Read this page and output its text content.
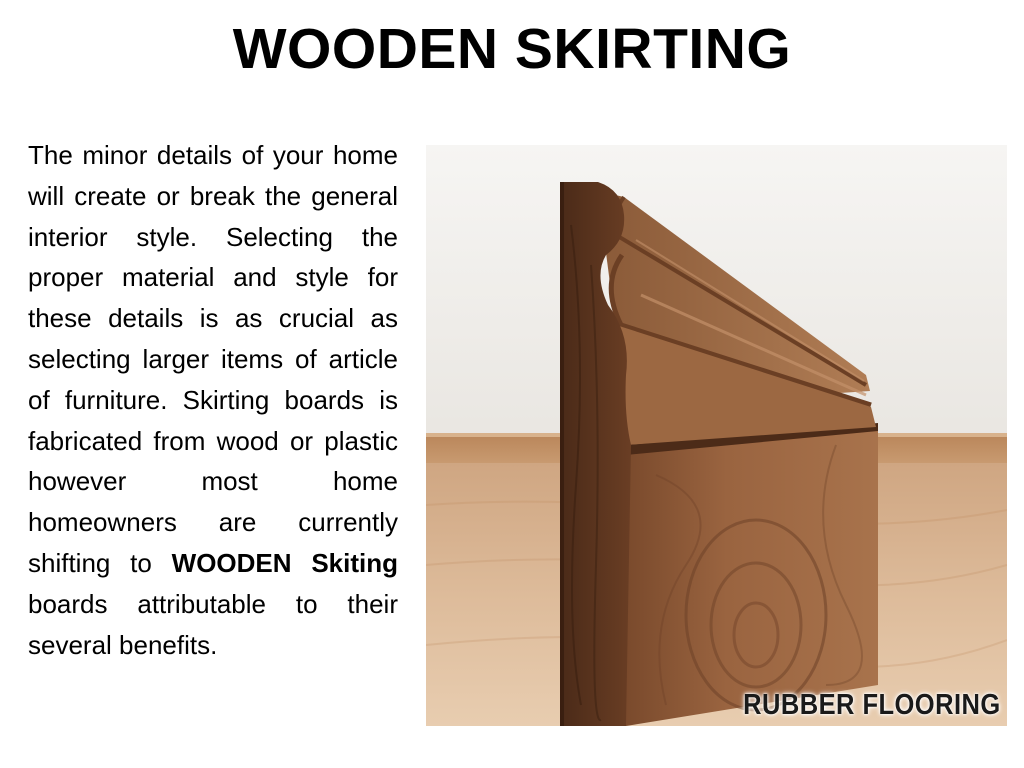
WOODEN SKIRTING

The minor details of your home will create or break the general interior style. Selecting the proper material and style for these details is as crucial as selecting larger items of article of furniture. Skirting boards is fabricated from wood or plastic however most home homeowners are currently shifting to WOODEN Skiting boards attributable to their several benefits.

RUBBER FLOORING
